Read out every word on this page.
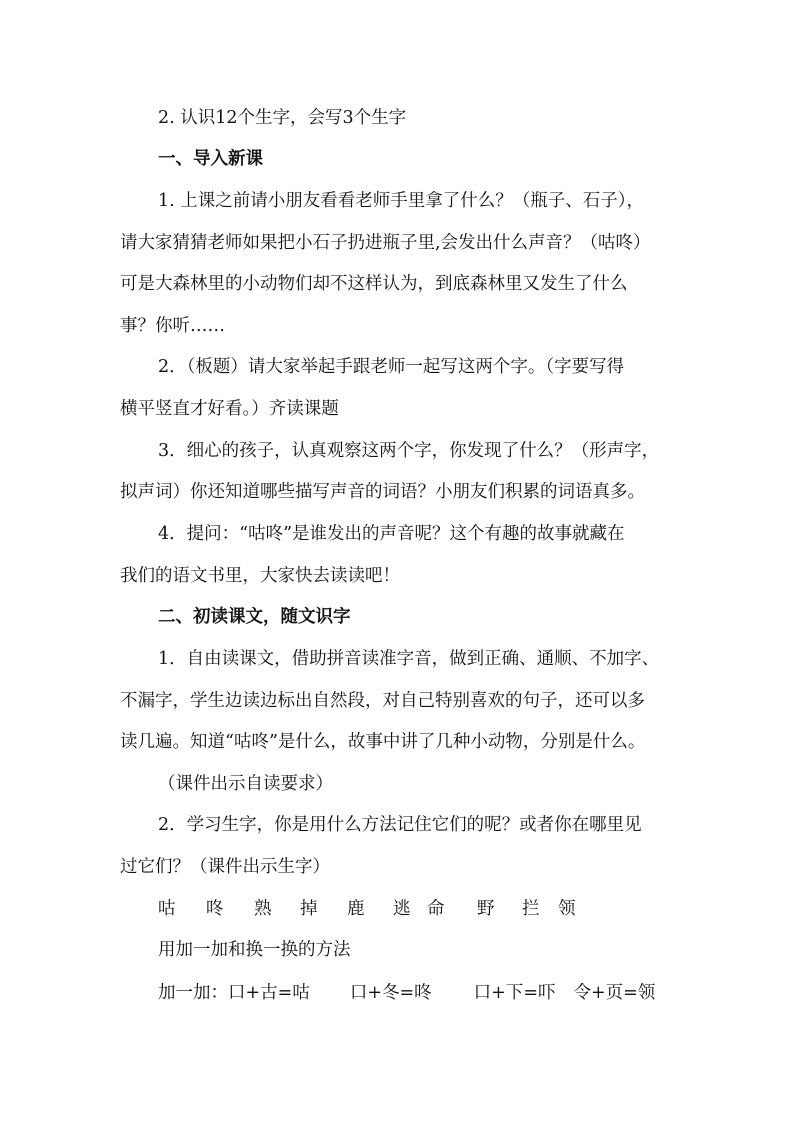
2. 认识12个生字，会写3个生字
一、导入新课
1. 上课之前请小朋友看看老师手里拿了什么？（瓶子、石子），
请大家猜猜老师如果把小石子扔进瓶子里,会发出什么声音？（咕咚）
可是大森林里的小动物们却不这样认为，到底森林里又发生了什么
事？你听……
2．（板题）请大家举起手跟老师一起写这两个字。（字要写得
横平竖直才好看。）齐读课题
3．细心的孩子，认真观察这两个字，你发现了什么？（形声字，
拟声词）你还知道哪些描写声音的词语？小朋友们积累的词语真多。
4．提问：“咕咚”是谁发出的声音呢？这个有趣的故事就藏在
我们的语文书里，大家快去读读吧！
二、初读课文，随文识字
1．自由读课文，借助拼音读准字音，做到正确、通顺、不加字、
不漏字，学生边读边标出自然段，对自己特别喜欢的句子，还可以多
读几遍。知道“咕咚”是什么，故事中讲了几种小动物，分别是什么。
（课件出示自读要求）
2．学习生字，你是用什么方法记住它们的呢？或者你在哪里见
过它们？（课件出示生字）
咕 咚 熟 掉 鹿 逃 命 野 拦 领
用加一加和换一换的方法
加一加：口+古=咕 口+冬=咚 口+下=吓 令+页=领
